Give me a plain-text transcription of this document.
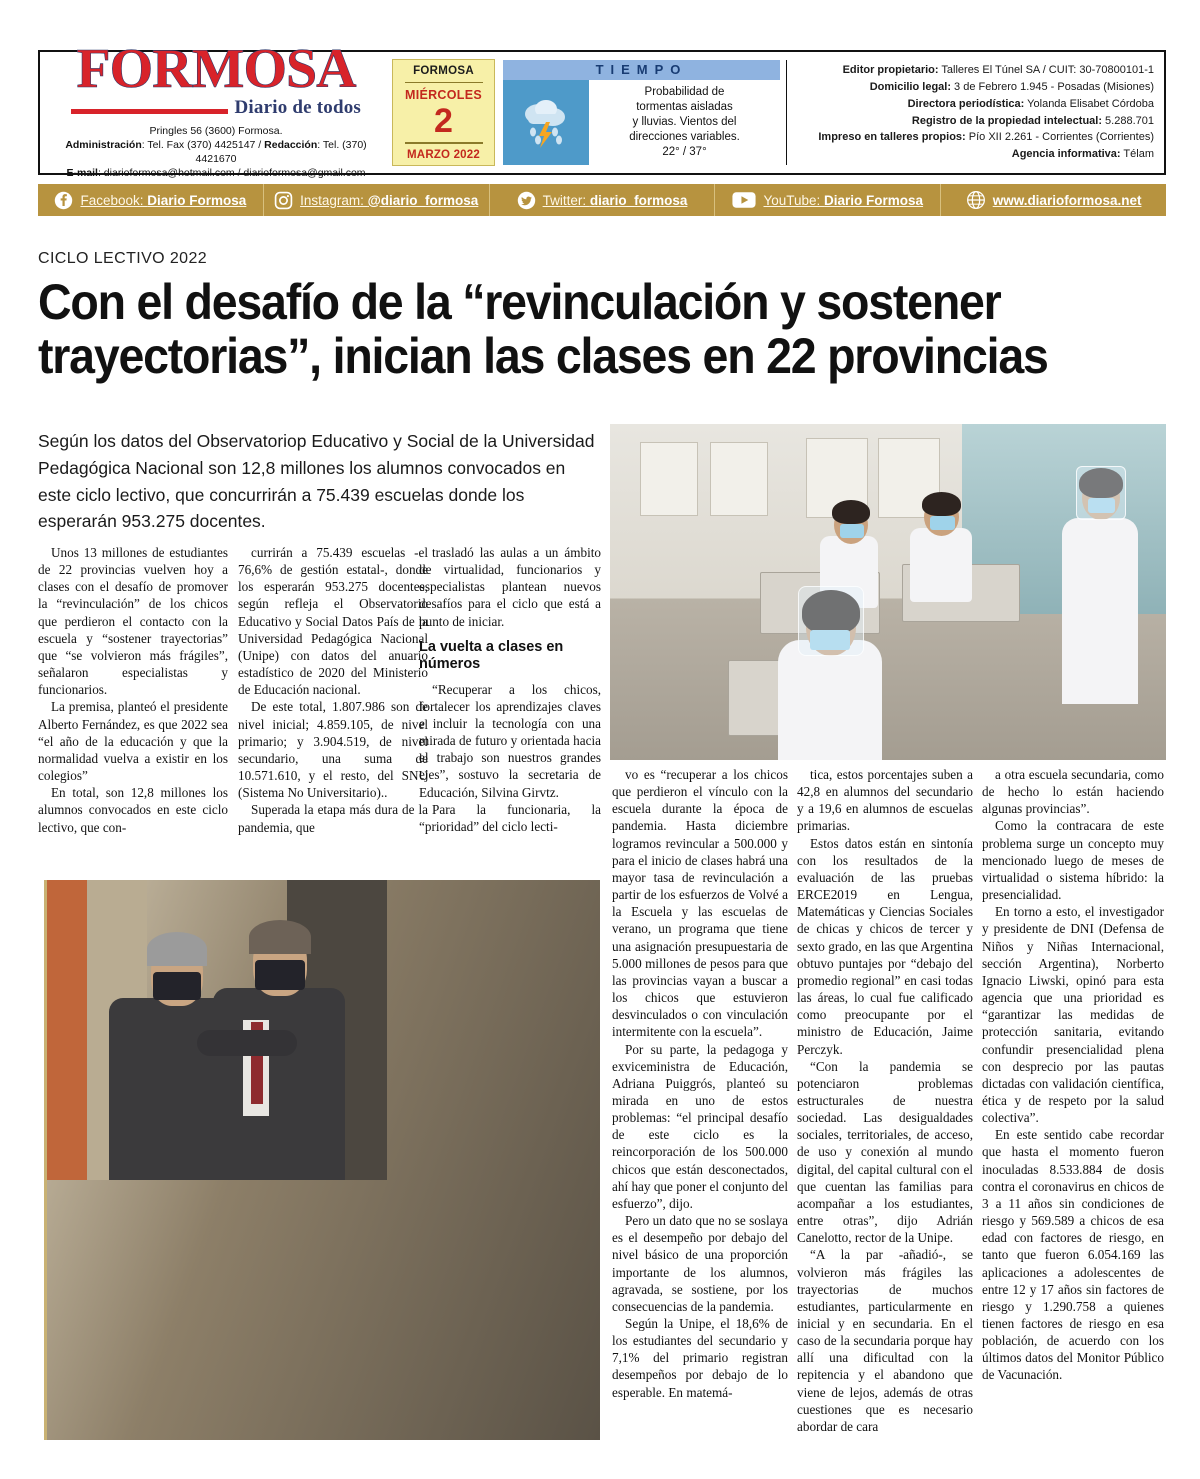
FORMOSA
Diario de todos
Pringles 56 (3600) Formosa.
Administración: Tel. Fax (370) 4425147 / Redacción: Tel. (370) 4421670
E-mail: diarioformosa@hotmail.com / diarioformosa@gmail.com
FORMOSA
MIÉRCOLES
2
MARZO 2022
TIEMPO
Probabilidad de
tormentas aisladas
y lluvias. Vientos del
direcciones variables.
22° / 37°
Editor propietario: Talleres El Túnel SA / CUIT: 30-70800101-1
Domicilio legal: 3 de Febrero 1.945 - Posadas (Misiones)
Directora periodística: Yolanda Elisabet Córdoba
Registro de la propiedad intelectual: 5.288.701
Impreso en talleres propios: Pío XII 2.261 - Corrientes (Corrientes)
Agencia informativa: Télam
Facebook: Diario Formosa	Instagram: @diario_formosa	Twitter: diario_formosa	YouTube: Diario Formosa	www.diarioformosa.net
CICLO LECTIVO 2022
Con el desafío de la “revinculación y sostener trayectorias”, inician las clases en 22 provincias
Según los datos del Observatoriop Educativo y Social de la Universidad Pedagógica Nacional son 12,8 millones los alumnos convocados en este ciclo lectivo, que concurrirán a 75.439 escuelas donde los esperarán 953.275 docentes.

Unos 13 millones de estudiantes de 22 provincias vuelven hoy a clases con el desafío de promover la “revinculación” de los chicos que perdieron el contacto con la escuela y “sostener trayectorias” que “se volvieron más frágiles”, señalaron especialistas y funcionarios.

La premisa, planteó el presidente Alberto Fernández, es que 2022 sea “el año de la educación y que la normalidad vuelva a existir en los colegios”

En total, son 12,8 millones los alumnos convocados en este ciclo lectivo, que con-

currirán a 75.439 escuelas -el 76,6% de gestión estatal-, donde los esperarán 953.275 docentes, según refleja el Observatorio Educativo y Social Datos País de la Universidad Pedagógica Nacional (Unipe) con datos del anuario estadístico de 2020 del Ministerio de Educación nacional.

De este total, 1.807.986 son de nivel inicial; 4.859.105, de nivel primario; y 3.904.519, de nivel secundario, una suma de 10.571.610, y el resto, del SNU (Sistema No Universitario)..

Superada la etapa más dura de la pandemia, que

trasladó las aulas a un ámbito de virtualidad, funcionarios y especialistas plantean nuevos desafíos para el ciclo que está a punto de iniciar.

La vuelta a clases en números

“Recuperar a los chicos, fortalecer los aprendizajes claves e incluir la tecnología con una mirada de futuro y orientada hacia el trabajo son nuestros grandes ejes”, sostuvo la secretaria de Educación, Silvina Girvtz.

Para la funcionaria, la “prioridad” del ciclo lecti-

vo es “recuperar a los chicos que perdieron el vínculo con la escuela durante la época de pandemia. Hasta diciembre logramos revincular a 500.000 y para el inicio de clases habrá una mayor tasa de revinculación a partir de los esfuerzos de Volvé a la Escuela y las escuelas de verano, un programa que tiene una asignación presupuestaria de 5.000 millones de pesos para que las provincias vayan a buscar a los chicos que estuvieron desvinculados o con vinculación intermitente con la escuela”.

Por su parte, la pedagoga y exviceministra de Educación, Adriana Puiggrós, planteó su mirada en uno de estos problemas: “el principal desafío de este ciclo es la reincorporación de los 500.000 chicos que están desconectados, ahí hay que poner el conjunto del esfuerzo”, dijo.

Pero un dato que no se soslaya es el desempeño por debajo del nivel básico de una proporción importante de los alumnos, agravada, se sostiene, por los consecuencias de la pandemia.

Según la Unipe, el 18,6% de los estudiantes del secundario y 7,1% del primario registran desempeños por debajo de lo esperable. En matemá-

tica, estos porcentajes suben a 42,8 en alumnos del secundario y a 19,6 en alumnos de escuelas primarias.

Estos datos están en sintonía con los resultados de la evaluación de las pruebas ERCE2019 en Lengua, Matemáticas y Ciencias Sociales de chicas y chicos de tercer y sexto grado, en las que Argentina obtuvo puntajes por “debajo del promedio regional” en casi todas las áreas, lo cual fue calificado como preocupante por el ministro de Educación, Jaime Perczyk.

“Con la pandemia se potenciaron problemas estructurales de nuestra sociedad. Las desigualdades sociales, territoriales, de acceso, de uso y conexión al mundo digital, del capital cultural con el que cuentan las familias para acompañar a los estudiantes, entre otras”, dijo Adrián Canelotto, rector de la Unipe.

“A la par -añadió-, se volvieron más frágiles las trayectorias de muchos estudiantes, particularmente en inicial y en secundaria. En el caso de la secundaria porque hay allí una dificultad con la repitencia y el abandono que viene de lejos, además de otras cuestiones que es necesario abordar de cara

a otra escuela secundaria, como de hecho lo están haciendo algunas provincias”.

Como la contracara de este problema surge un concepto muy mencionado luego de meses de virtualidad o sistema híbrido: la presencialidad.

En torno a esto, el investigador y presidente de DNI (Defensa de Niños y Niñas Internacional, sección Argentina), Norberto Ignacio Liwski, opinó para esta agencia que una prioridad es “garantizar las medidas de protección sanitaria, evitando confundir presencialidad plena con desprecio por las pautas dictadas con validación científica, ética y de respeto por la salud colectiva”.

En este sentido cabe recordar que hasta el momento fueron inoculadas 8.533.884 de dosis contra el coronavirus en chicos de 3 a 11 años sin condiciones de riesgo y 569.589 a chicos de esa edad con factores de riesgo, en tanto que fueron 6.054.169 las aplicaciones a adolescentes de entre 12 y 17 años sin factores de riesgo y 1.290.758 a quienes tienen factores de riesgo en esa población, de acuerdo con los últimos datos del Monitor Público de Vacunación.
